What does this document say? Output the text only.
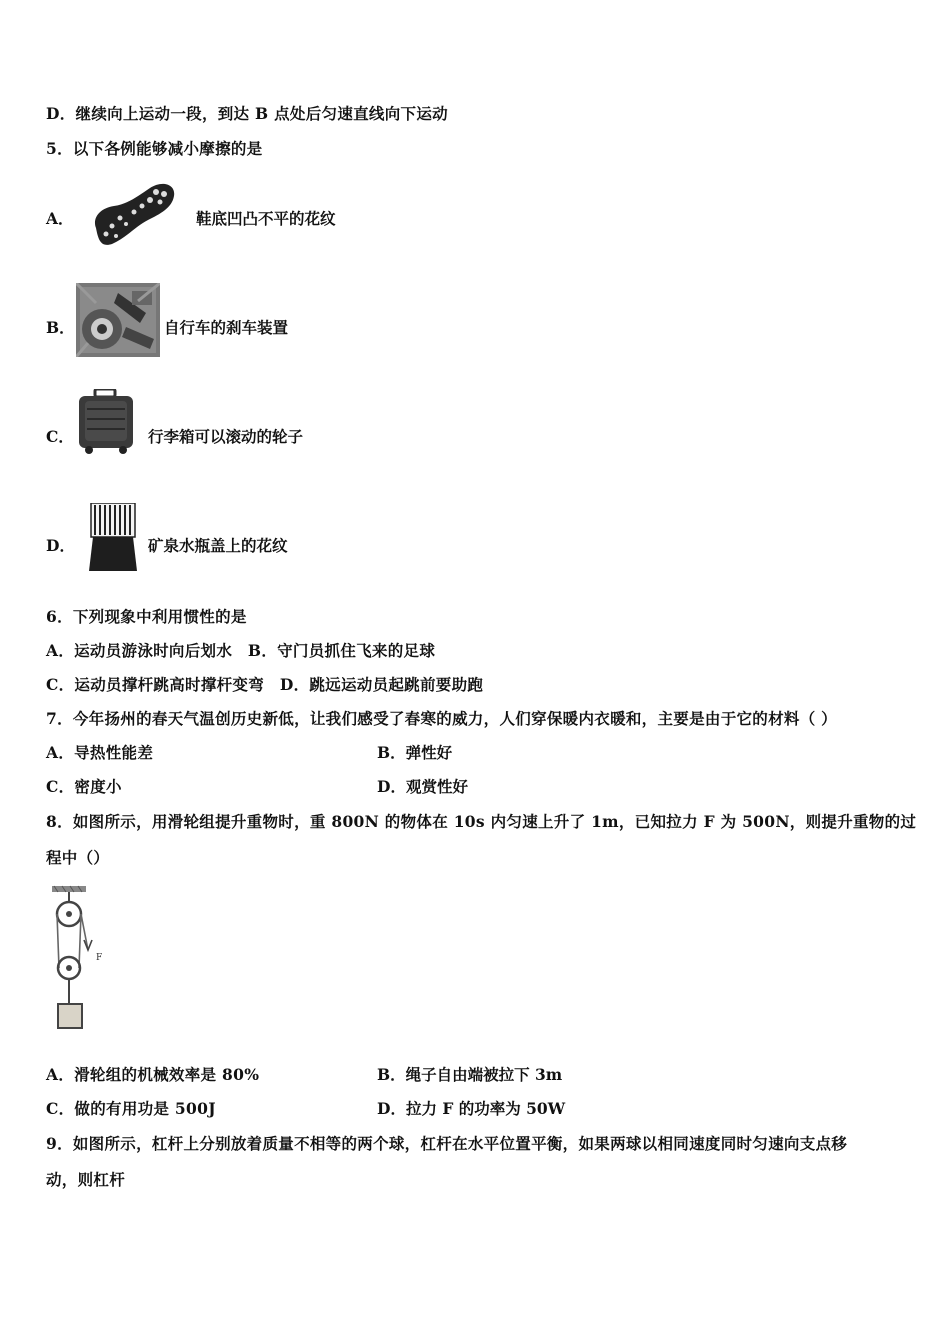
D．继续向上运动一段，到达 B 点处后匀速直线向下运动
5．以下各例能够减小摩擦的是
A．	鞋底凹凸不平的花纹
B．	自行车的刹车装置
C．	行李箱可以滚动的轮子
D．	矿泉水瓶盖上的花纹
6．下列现象中利用惯性的是
A．运动员游泳时向后划水　B．守门员抓住飞来的足球
C．运动员撑杆跳高时撑杆变弯　D．跳远运动员起跳前要助跑
7．今年扬州的春天气温创历史新低，让我们感受了春寒的威力，人们穿保暖内衣暖和，主要是由于它的材料（ ）
A．导热性能差	B．弹性好
C．密度小	D．观赏性好
8．如图所示，用滑轮组提升重物时，重 800N 的物体在 10s 内匀速上升了 1m，已知拉力 F 为 500N，则提升重物的过
程中（）
F
A．滑轮组的机械效率是 80%	B．绳子自由端被拉下 3m
C．做的有用功是 500J	D．拉力 F 的功率为 50W
9．如图所示，杠杆上分别放着质量不相等的两个球，杠杆在水平位置平衡，如果两球以相同速度同时匀速向支点移
动，则杠杆
